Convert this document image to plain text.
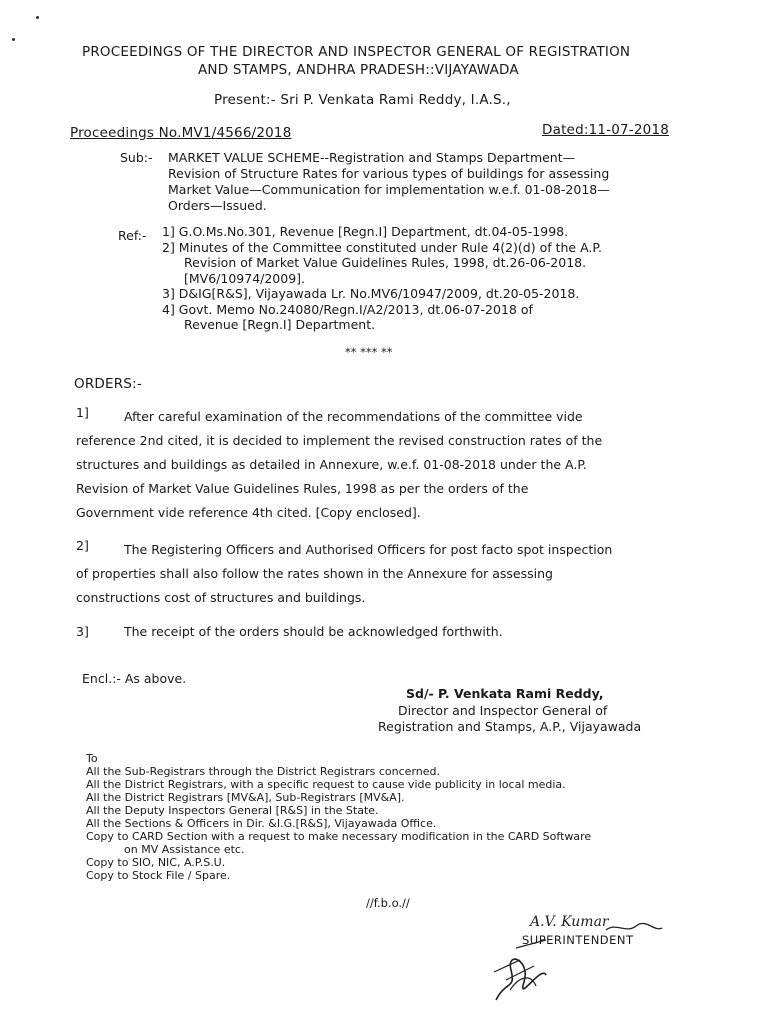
PROCEEDINGS OF THE DIRECTOR AND INSPECTOR GENERAL OF REGISTRATION
AND STAMPS, ANDHRA PRADESH::VIJAYAWADA
Present:- Sri P. Venkata Rami Reddy, I.A.S.,
Proceedings No.MV1/4566/2018	Dated:11-07-2018
Sub:- MARKET VALUE SCHEME--Registration and Stamps Department—
Revision of Structure Rates for various types of buildings for assessing
Market Value—Communication for implementation w.e.f. 01-08-2018—
Orders—Issued.
Ref:- 1] G.O.Ms.No.301, Revenue [Regn.I] Department, dt.04-05-1998.
2] Minutes of the Committee constituted under Rule 4(2)(d) of the A.P.
Revision of Market Value Guidelines Rules, 1998, dt.26-06-2018.
[MV6/10974/2009].
3] D&IG[R&S], Vijayawada Lr. No.MV6/10947/2009, dt.20-05-2018.
4] Govt. Memo No.24080/Regn.I/A2/2013, dt.06-07-2018 of
Revenue [Regn.I] Department.
** *** **
ORDERS:-
1]	After careful examination of the recommendations of the committee vide
reference 2nd cited, it is decided to implement the revised construction rates of the
structures and buildings as detailed in Annexure, w.e.f. 01-08-2018 under the A.P.
Revision of Market Value Guidelines Rules, 1998 as per the orders of the
Government vide reference 4th cited. [Copy enclosed].
2]	The Registering Officers and Authorised Officers for post facto spot inspection
of properties shall also follow the rates shown in the Annexure for assessing
constructions cost of structures and buildings.
3]	The receipt of the orders should be acknowledged forthwith.
Encl.:- As above.
Sd/- P. Venkata Rami Reddy,
Director and Inspector General of
Registration and Stamps, A.P., Vijayawada
To
All the Sub-Registrars through the District Registrars concerned.
All the District Registrars, with a specific request to cause vide publicity in local media.
All the District Registrars [MV&A], Sub-Registrars [MV&A].
All the Deputy Inspectors General [R&S] in the State.
All the Sections & Officers in Dir. &I.G.[R&S], Vijayawada Office.
Copy to CARD Section with a request to make necessary modification in the CARD Software
on MV Assistance etc.
Copy to SIO, NIC, A.P.S.U.
Copy to Stock File / Spare.
//f.b.o.//
A.V. Kumar
SUPERINTENDENT
